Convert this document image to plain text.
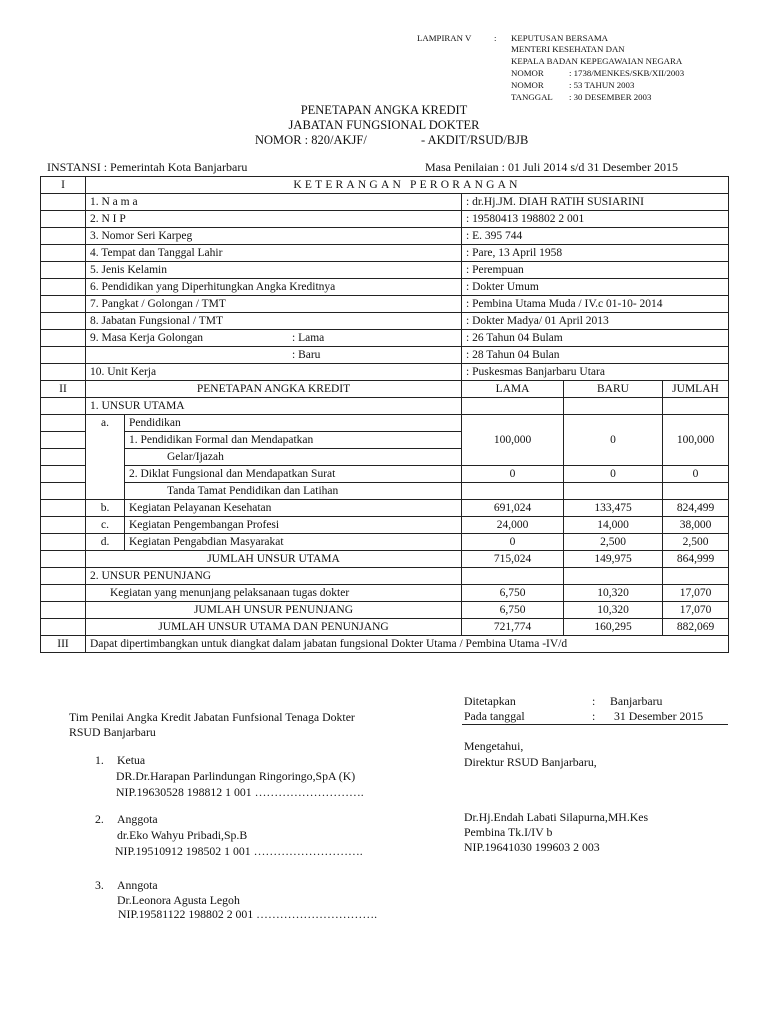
LAMPIRAN V	: KEPUTUSAN BERSAMA
MENTERI KESEHATAN DAN
KEPALA BADAN KEPEGAWAIAN NEGARA
NOMOR	: 1738/MENKES/SKB/XII/2003
NOMOR	: 53 TAHUN 2003
TANGGAL : 30 DESEMBER 2003
PENETAPAN ANGKA KREDIT
JABATAN FUNGSIONAL DOKTER
NOMOR : 820/AKJF/	- AKDIT/RSUD/BJB
INSTANSI : Pemerintah Kota Banjarbaru	Masa Penilaian : 01 Juli 2014 s/d 31 Desember 2015
I	KETERANGAN PERORANGAN				
	1. N a m a		: dr.Hj.JM. DIAH RATIH SUSIARINI		
	2. N I P		: 19580413 198802 2 001		
	3. Nomor Seri Karpeg		: E. 395 744		
	4. Tempat dan Tanggal Lahir		: Pare, 13 April 1958		
	5. Jenis Kelamin		: Perempuan		
	6. Pendidikan yang Diperhitungkan Angka Kreditnya		: Dokter Umum		
	7. Pangkat / Golongan / TMT		: Pembina Utama Muda / IV.c 01-10- 2014		
	8. Jabatan Fungsional / TMT		: Dokter Madya/ 01 April 2013		
	9. Masa Kerja Golongan : Lama		: 26 Tahun 04 Bulam		
	: Baru		: 28 Tahun 04 Bulan		
	10. Unit Kerja		: Puskesmas Banjarbaru Utara		
II	PENETAPAN ANGKA KREDIT		LAMA	BARU	JUMLAH
	1. UNSUR UTAMA				
	a.	Pendidikan	100,000	0	100,000
		1. Pendidikan Formal dan Mendapatkan			
		Gelar/Ijazah			
		2. Diklat Fungsional dan Mendapatkan Surat	0	0	0
		Tanda Tamat Pendidikan dan Latihan			
	b.	Kegiatan Pelayanan Kesehatan	691,024	133,475	824,499
	c.	Kegiatan Pengembangan Profesi	24,000	14,000	38,000
	d.	Kegiatan Pengabdian Masyarakat	0	2,500	2,500
	JUMLAH UNSUR UTAMA		715,024	149,975	864,999
	2. UNSUR PENUNJANG				
	Kegiatan yang menunjang pelaksanaan tugas dokter		6,750	10,320	17,070
	JUMLAH UNSUR PENUNJANG		6,750	10,320	17,070
	JUMLAH UNSUR UTAMA DAN PENUNJANG		721,774	160,295	882,069
III	Dapat dipertimbangkan untuk diangkat dalam jabatan fungsional Dokter Utama / Pembina Utama -IV/d				
Ditetapkan	: Banjarbaru
Pada tanggal	: 31 Desember 2015
Mengetahui,
Direktur RSUD Banjarbaru,
Dr.Hj.Endah Labati Silapurna,MH.Kes
Pembina Tk.I/IV b
NIP.19641030 199603 2 003
Tim Penilai Angka Kredit Jabatan Funfsional Tenaga Dokter
RSUD Banjarbaru
1. Ketua
DR.Dr.Harapan Parlindungan Ringoringo,SpA (K)
NIP.19630528 198812 1 001 ……………………….
2. Anggota
dr.Eko Wahyu Pribadi,Sp.B
NIP.19510912 198502 1 001 ……………………….
3. Anngota
Dr.Leonora Agusta Legoh
NIP.19581122 198802 2 001 ………………………….
